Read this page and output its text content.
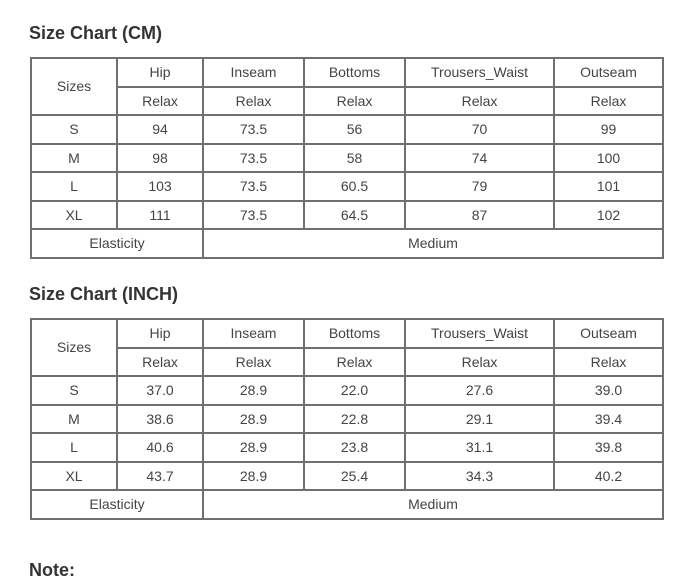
Size Chart (CM)
Sizes	Hip	Inseam	Bottoms	Trousers_Waist	Outseam
	Relax	Relax	Relax	Relax	Relax
S	94	73.5	56	70	99
M	98	73.5	58	74	100
L	103	73.5	60.5	79	101
XL	111	73.5	64.5	87	102
Elasticity		Medium			
Size Chart (INCH)
Sizes	Hip	Inseam	Bottoms	Trousers_Waist	Outseam
	Relax	Relax	Relax	Relax	Relax
S	37.0	28.9	22.0	27.6	39.0
M	38.6	28.9	22.8	29.1	39.4
L	40.6	28.9	23.8	31.1	39.8
XL	43.7	28.9	25.4	34.3	40.2
Elasticity		Medium			
Note:
